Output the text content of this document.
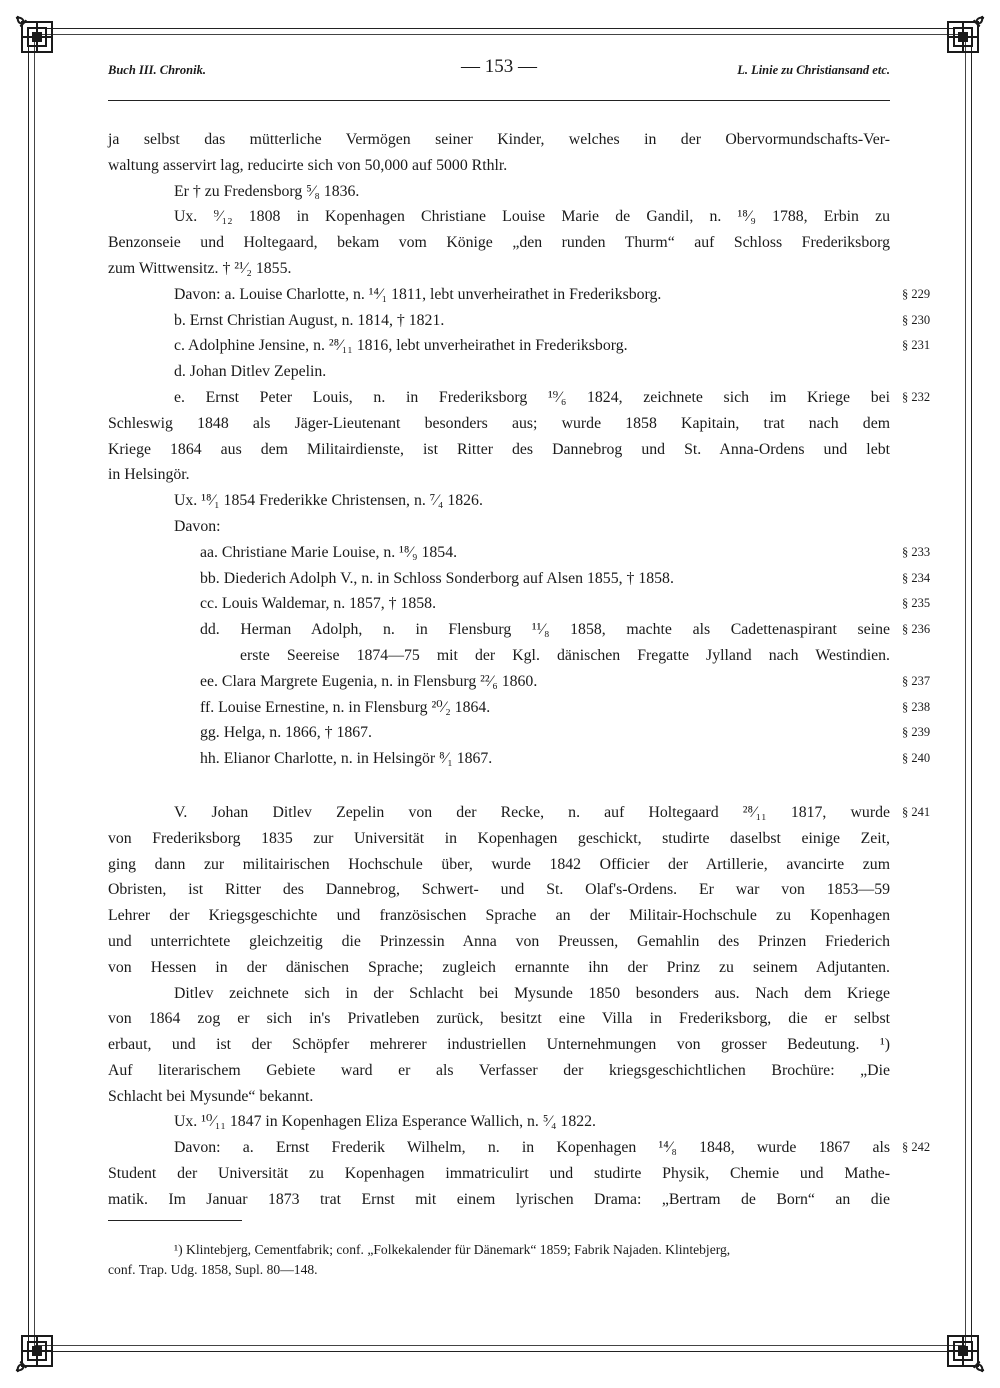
Buch III. Chronik.	— 153 —	L. Linie zu Christiansand etc.
ja selbst das mütterliche Vermögen seiner Kinder, welches in der Obervormundschafts-Ver-
waltung asservirt lag, reducirte sich von 50,000 auf 5000 Rthlr.
Er † zu Fredensborg ⁵⁄₈ 1836.
Ux. ⁹⁄₁₂ 1808 in Kopenhagen Christiane Louise Marie de Gandil, n. ¹⁸⁄₉ 1788, Erbin zu
Benzonseie und Holtegaard, bekam vom Könige „den runden Thurm“ auf Schloss Frederiksborg
zum Wittwensitz. † ²¹⁄₂ 1855.
Davon: a. Louise Charlotte, n. ¹⁴⁄₁ 1811, lebt unverheirathet in Frederiksborg.	§ 229
b. Ernst Christian August, n. 1814, † 1821.	§ 230
c. Adolphine Jensine, n. ²⁸⁄₁₁ 1816, lebt unverheirathet in Frederiksborg.	§ 231
d. Johan Ditlev Zepelin.
e. Ernst Peter Louis, n. in Frederiksborg ¹⁹⁄₆ 1824, zeichnete sich im Kriege bei § 232
Schleswig 1848 als Jäger-Lieutenant besonders aus; wurde 1858 Kapitain, trat nach dem
Kriege 1864 aus dem Militairdienste, ist Ritter des Dannebrog und St. Anna-Ordens und lebt
in Helsingör.
Ux. ¹⁸⁄₁ 1854 Frederikke Christensen, n. ⁷⁄₄ 1826.
Davon:
aa. Christiane Marie Louise, n. ¹⁸⁄₉ 1854.	§ 233
bb. Diederich Adolph V., n. in Schloss Sonderborg auf Alsen 1855, † 1858.	§ 234
cc. Louis Waldemar, n. 1857, † 1858.	§ 235
dd. Herman Adolph, n. in Flensburg ¹¹⁄₈ 1858, machte als Cadettenaspirant seine § 236
erste Seereise 1874—75 mit der Kgl. dänischen Fregatte Jylland nach Westindien.
ee. Clara Margrete Eugenia, n. in Flensburg ²²⁄₆ 1860.	§ 237
ff. Louise Ernestine, n. in Flensburg ²⁰⁄₂ 1864.	§ 238
gg. Helga, n. 1866, † 1867.	§ 239
hh. Elianor Charlotte, n. in Helsingör ⁸⁄₁ 1867.	§ 240
V. Johan Ditlev Zepelin von der Recke, n. auf Holtegaard ²⁸⁄₁₁ 1817, wurde § 241
von Frederiksborg 1835 zur Universität in Kopenhagen geschickt, studirte daselbst einige Zeit,
ging dann zur militairischen Hochschule über, wurde 1842 Officier der Artillerie, avancirte zum
Obristen, ist Ritter des Dannebrog, Schwert- und St. Olaf's-Ordens. Er war von 1853—59
Lehrer der Kriegsgeschichte und französischen Sprache an der Militair-Hochschule zu Kopenhagen
und unterrichtete gleichzeitig die Prinzessin Anna von Preussen, Gemahlin des Prinzen Friederich
von Hessen in der dänischen Sprache; zugleich ernannte ihn der Prinz zu seinem Adjutanten.
Ditlev zeichnete sich in der Schlacht bei Mysunde 1850 besonders aus. Nach dem Kriege
von 1864 zog er sich in's Privatleben zurück, besitzt eine Villa in Frederiksborg, die er selbst
erbaut, und ist der Schöpfer mehrerer industriellen Unternehmungen von grosser Bedeutung. ¹)
Auf literarischem Gebiete ward er als Verfasser der kriegsgeschichtlichen Brochüre: „Die
Schlacht bei Mysunde“ bekannt.
Ux. ¹⁰⁄₁₁ 1847 in Kopenhagen Eliza Esperance Wallich, n. ⁵⁄₄ 1822.
Davon: a. Ernst Frederik Wilhelm, n. in Kopenhagen ¹⁴⁄₈ 1848, wurde 1867 als § 242
Student der Universität zu Kopenhagen immatriculirt und studirte Physik, Chemie und Mathe-
matik. Im Januar 1873 trat Ernst mit einem lyrischen Drama: „Bertram de Born“ an die
¹) Klintebjerg, Cementfabrik; conf. „Folkekalender für Dänemark“ 1859; Fabrik Najaden. Klintebjerg,
conf. Trap. Udg. 1858, Supl. 80—148.
